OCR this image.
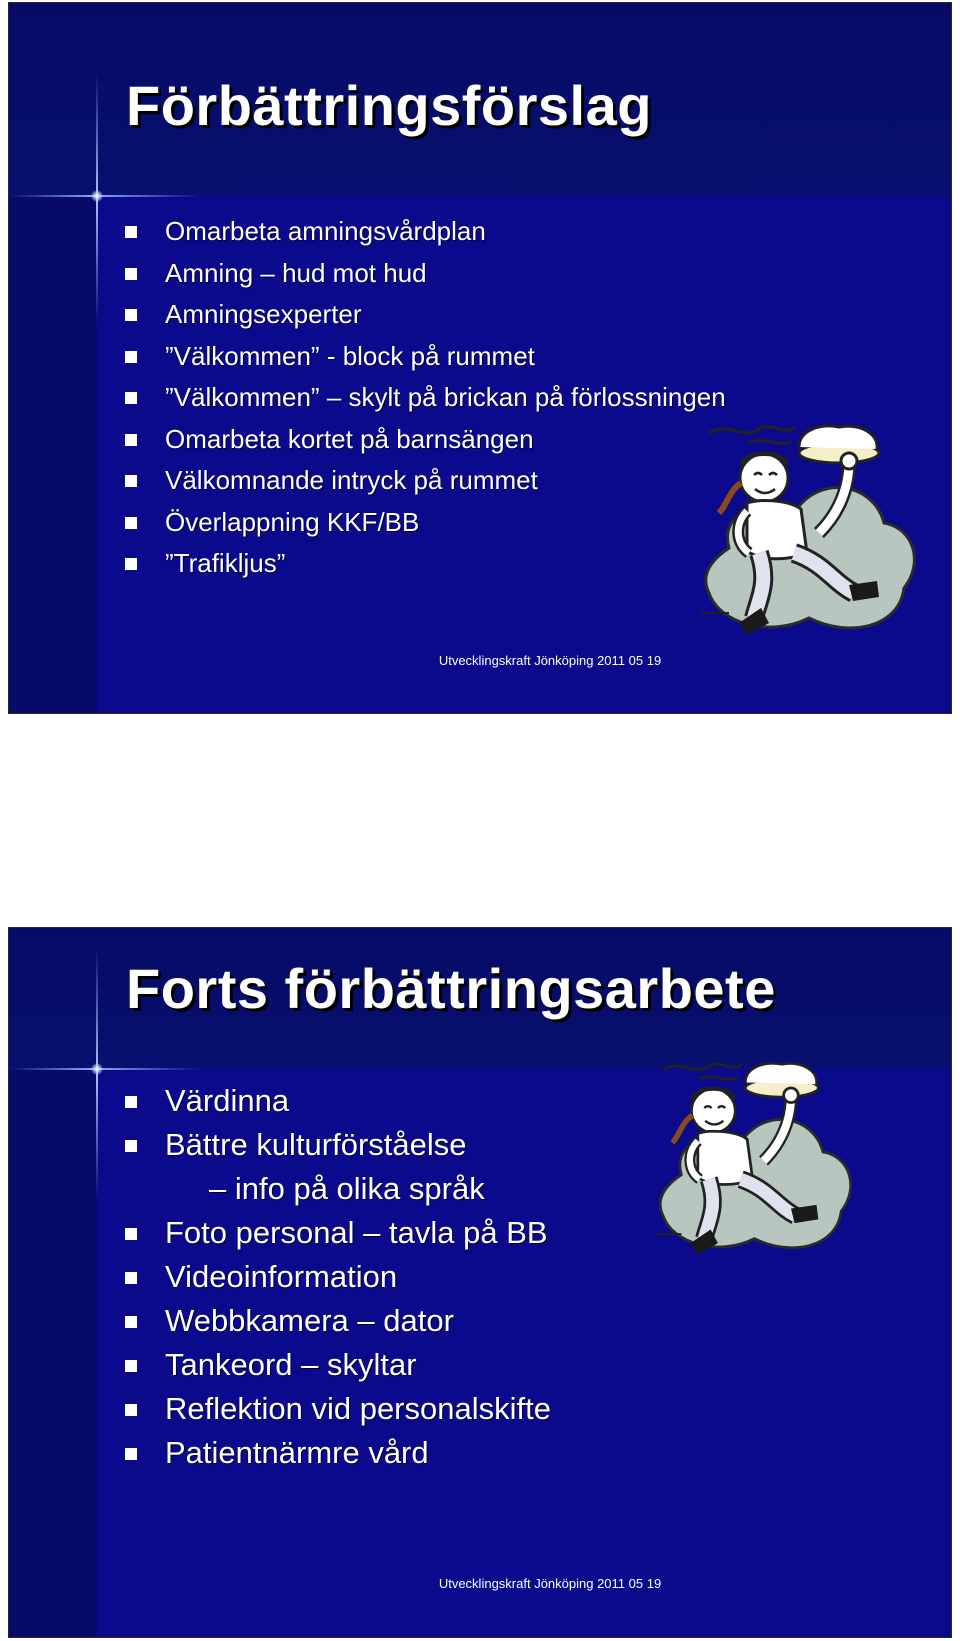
Förbättringsförslag
Omarbeta amningsvårdplan
Amning – hud mot hud
Amningsexperter
”Välkommen” - block på rummet
”Välkommen” – skylt på brickan på förlossningen
Omarbeta kortet på barnsängen
Välkomnande intryck på rummet
Överlappning KKF/BB
”Trafikljus”
Utvecklingskraft Jönköping 2011 05 19
Forts förbättringsarbete
Värdinna
Bättre kulturförståelse
– info på olika språk
Foto personal – tavla på BB
Videoinformation
Webbkamera – dator
Tankeord – skyltar
Reflektion vid personalskifte
Patientnärmre vård
Utvecklingskraft Jönköping 2011 05 19
